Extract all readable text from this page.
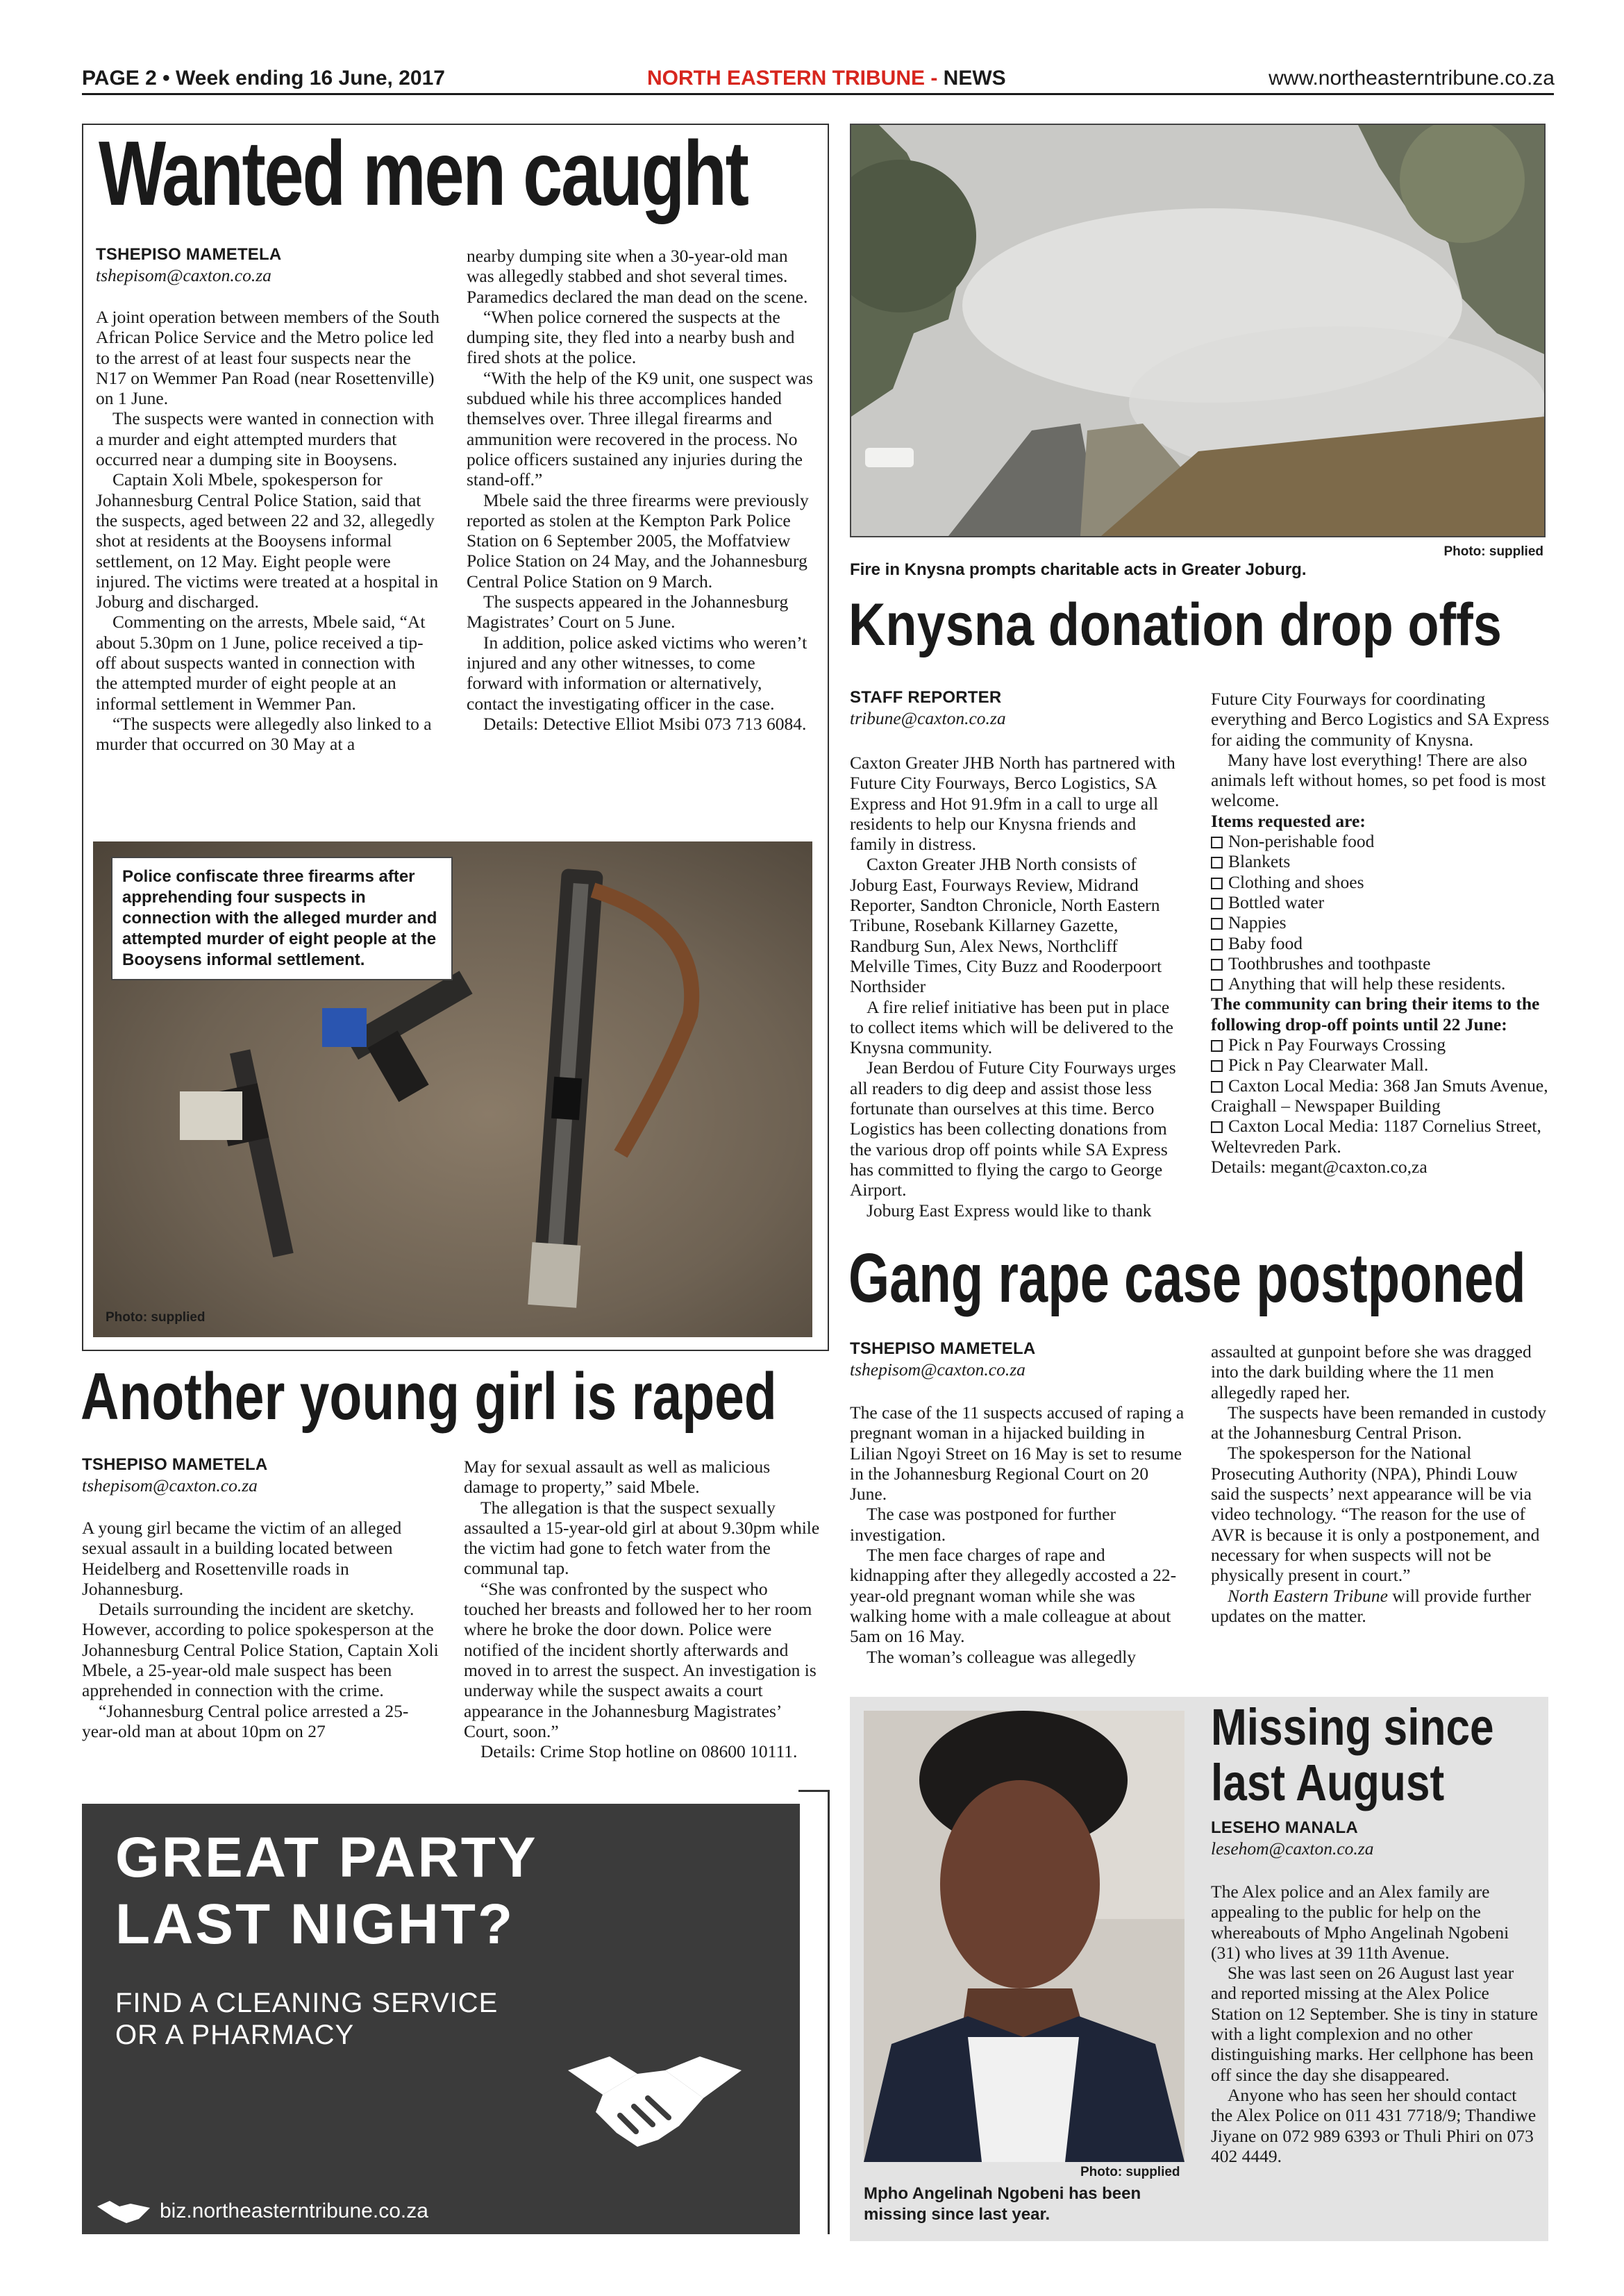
PAGE 2 • Week ending 16 June, 2017	NORTH EASTERN TRIBUNE - NEWS	www.northeasterntribune.co.za
Wanted men caught
TSHEPISO MAMETELA
tshepisom@caxton.co.za

A joint operation between members of the South African Police Service and the Metro police led to the arrest of at least four suspects near the N17 on Wemmer Pan Road (near Rosettenville) on 1 June.

The suspects were wanted in connection with a murder and eight attempted murders that occurred near a dumping site in Booysens.

Captain Xoli Mbele, spokesperson for Johannesburg Central Police Station, said that the suspects, aged between 22 and 32, allegedly shot at residents at the Booysens informal settlement, on 12 May. Eight people were injured. The victims were treated at a hospital in Joburg and discharged.

Commenting on the arrests, Mbele said, “At about 5.30pm on 1 June, police received a tip-off about suspects wanted in connection with the attempted murder of eight people at an informal settlement in Wemmer Pan.

“The suspects were allegedly also linked to a murder that occurred on 30 May at a

nearby dumping site when a 30-year-old man was allegedly stabbed and shot several times. Paramedics declared the man dead on the scene.

“When police cornered the suspects at the dumping site, they fled into a nearby bush and fired shots at the police.

“With the help of the K9 unit, one suspect was subdued while his three accomplices handed themselves over. Three illegal firearms and ammunition were recovered in the process. No police officers sustained any injuries during the stand-off.”

Mbele said the three firearms were previously reported as stolen at the Kempton Park Police Station on 6 September 2005, the Moffatview Police Station on 24 May, and the Johannesburg Central Police Station on 9 March.

The suspects appeared in the Johannesburg Magistrates’ Court on 5 June.

In addition, police asked victims who weren’t injured and any other witnesses, to come forward with information or alternatively, contact the investigating officer in the case.

Details: Detective Elliot Msibi 073 713 6084.

Police confiscate three firearms after apprehending four suspects in connection with the alleged murder and attempted murder of eight people at the Booysens informal settlement.
Photo: supplied
Photo: supplied
Fire in Knysna prompts charitable acts in Greater Joburg.
Knysna donation drop offs
STAFF REPORTER
tribune@caxton.co.za

Caxton Greater JHB North has partnered with Future City Fourways, Berco Logistics, SA Express and Hot 91.9fm in a call to urge all residents to help our Knysna friends and family in distress.

Caxton Greater JHB North consists of Joburg East, Fourways Review, Midrand Reporter, Sandton Chronicle, North Eastern Tribune, Rosebank Killarney Gazette, Randburg Sun, Alex News, Northcliff Melville Times, City Buzz and Rooderpoort Northsider

A fire relief initiative has been put in place to collect items which will be delivered to the Knysna community.

Jean Berdou of Future City Fourways urges all readers to dig deep and assist those less fortunate than ourselves at this time. Berco Logistics has been collecting donations from the various drop off points while SA Express has committed to flying the cargo to George Airport.

Joburg East Express would like to thank

Future City Fourways for coordinating everything and Berco Logistics and SA Express for aiding the community of Knysna.

Many have lost everything! There are also animals left without homes, so pet food is most welcome.

Items requested are:
Non-perishable food
Blankets
Clothing and shoes
Bottled water
Nappies
Baby food
Toothbrushes and toothpaste
Anything that will help these residents.
The community can bring their items to the following drop-off points until 22 June:
Pick n Pay Fourways Crossing
Pick n Pay Clearwater Mall.
Caxton Local Media: 368 Jan Smuts Avenue, Craighall – Newspaper Building
Caxton Local Media: 1187 Cornelius Street, Weltevreden Park.
Details: megant@caxton.co,za
Gang rape case postponed
TSHEPISO MAMETELA
tshepisom@caxton.co.za

The case of the 11 suspects accused of raping a pregnant woman in a hijacked building in Lilian Ngoyi Street on 16 May is set to resume in the Johannesburg Regional Court on 20 June.

The case was postponed for further investigation.

The men face charges of rape and kidnapping after they allegedly accosted a 22-year-old pregnant woman while she was walking home with a male colleague at about 5am on 16 May.

The woman’s colleague was allegedly

assaulted at gunpoint before she was dragged into the dark building where the 11 men allegedly raped her.

The suspects have been remanded in custody at the Johannesburg Central Prison.

The spokesperson for the National Prosecuting Authority (NPA), Phindi Louw said the suspects’ next appearance will be via video technology. “The reason for the use of AVR is because it is only a postponement, and necessary for when suspects will not be physically present in court.”

North Eastern Tribune will provide further updates on the matter.

Another young girl is raped
TSHEPISO MAMETELA
tshepisom@caxton.co.za

A young girl became the victim of an alleged sexual assault in a building located between Heidelberg and Rosettenville roads in Johannesburg.

Details surrounding the incident are sketchy. However, according to police spokesperson at the Johannesburg Central Police Station, Captain Xoli Mbele, a 25-year-old male suspect has been apprehended in connection with the crime.

“Johannesburg Central police arrested a 25-year-old man at about 10pm on 27

May for sexual assault as well as malicious damage to property,” said Mbele.

The allegation is that the suspect sexually assaulted a 15-year-old girl at about 9.30pm while the victim had gone to fetch water from the communal tap.

“She was confronted by the suspect who touched her breasts and followed her to her room where he broke the door down. Police were notified of the incident shortly afterwards and moved in to arrest the suspect. An investigation is underway while the suspect awaits a court appearance in the Johannesburg Magistrates’ Court, soon.”

Details: Crime Stop hotline on 08600 10111.

GREAT PARTY
LAST NIGHT?
FIND A CLEANING SERVICE
OR A PHARMACY
biz.northeasterntribune.co.za
Photo: supplied
Mpho Angelinah Ngobeni has been missing since last year.
Missing since
last August
LESEHO MANALA
lesehom@caxton.co.za

The Alex police and an Alex family are appealing to the public for help on the whereabouts of Mpho Angelinah Ngobeni (31) who lives at 39 11th Avenue.

She was last seen on 26 August last year and reported missing at the Alex Police Station on 12 September. She is tiny in stature with a light complexion and no other distinguishing marks. Her cellphone has been off since the day she disappeared.

Anyone who has seen her should contact the Alex Police on 011 431 7718/9; Thandiwe Jiyane on 072 989 6393 or Thuli Phiri on 073 402 4449.
